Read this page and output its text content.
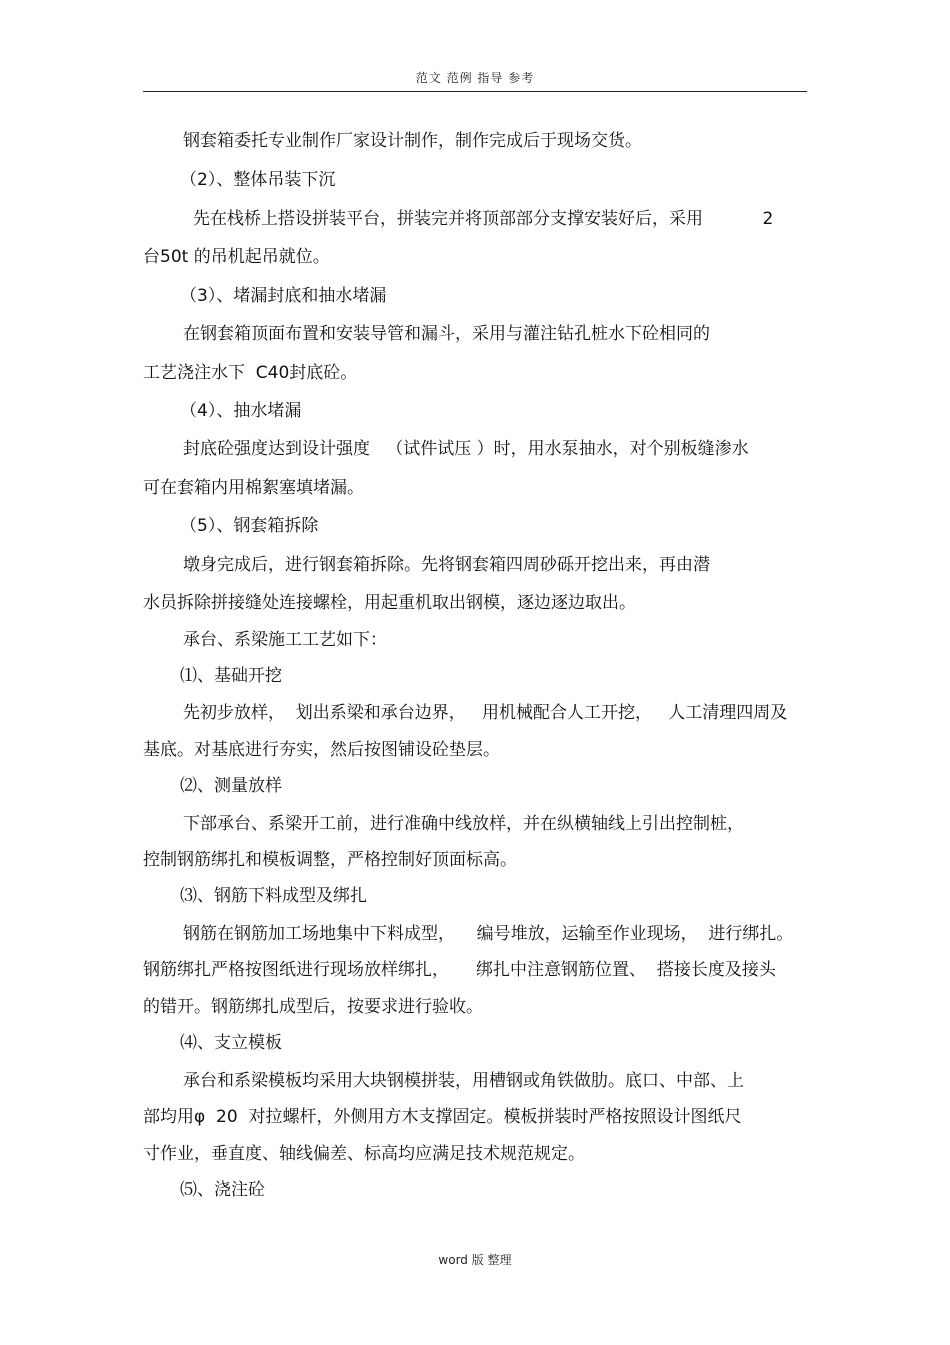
范文 范例 指导 参考
钢套箱委托专业制作厂家设计制作，制作完成后于现场交货。
（2）、整体吊装下沉
先在栈桥上搭设拼装平台，拼装完并将顶部部分支撑安装好后，采用           2
台50t 的吊机起吊就位。
（3）、堵漏封底和抽水堵漏
在钢套箱顶面布置和安装导管和漏斗，采用与灌注钻孔桩水下砼相同的
工艺浇注水下  C40封底砼。
（4）、抽水堵漏
封底砼强度达到设计强度   （试件试压 ）时，用水泵抽水，对个别板缝渗水
可在套箱内用棉絮塞填堵漏。
（5）、钢套箱拆除
墩身完成后，进行钢套箱拆除。先将钢套箱四周砂砾开挖出来，再由潜
水员拆除拼接缝处连接螺栓，用起重机取出钢模，逐边逐边取出。
承台、系梁施工工艺如下：
⑴、基础开挖
先初步放样，  划出系梁和承台边界，   用机械配合人工开挖，   人工清理四周及
基底。对基底进行夯实，然后按图铺设砼垫层。
⑵、测量放样
下部承台、系梁开工前，进行准确中线放样，并在纵横轴线上引出控制桩，
控制钢筋绑扎和模板调整，严格控制好顶面标高。
⑶、钢筋下料成型及绑扎
钢筋在钢筋加工场地集中下料成型，    编号堆放，运输至作业现场，  进行绑扎。
钢筋绑扎严格按图纸进行现场放样绑扎，     绑扎中注意钢筋位置、  搭接长度及接头
的错开。钢筋绑扎成型后，按要求进行验收。
⑷、支立模板
承台和系梁模板均采用大块钢模拼装，用槽钢或角铁做肋。底口、中部、上
部均用φ  20  对拉螺杆，外侧用方木支撑固定。模板拼装时严格按照设计图纸尺
寸作业，垂直度、轴线偏差、标高均应满足技术规范规定。
⑸、浇注砼
word 版 整理
